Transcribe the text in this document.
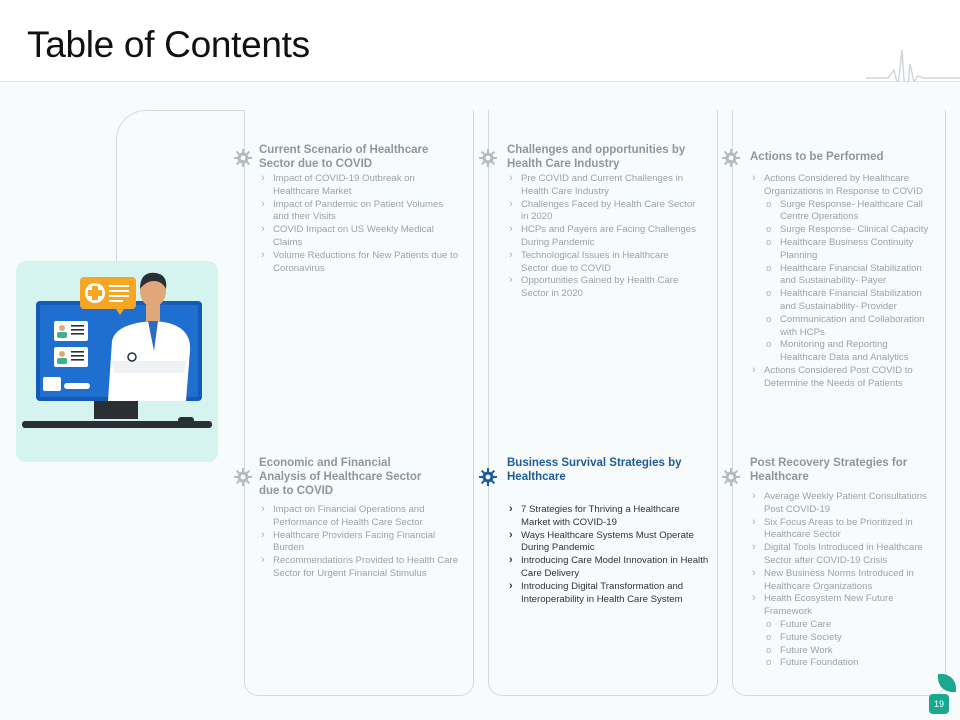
Table of Contents
Current Scenario of Healthcare Sector due to COVID
› Impact of COVID-19 Outbreak on Healthcare Market
› Impact of Pandemic on Patient Volumes and their Visits
› COVID Impact on US Weekly Medical Claims
› Volume Reductions for New Patients due to Coronavirus
Challenges and opportunities by Health Care Industry
› Pre COVID and Current Challenges in Health Care Industry
› Challenges Faced by Health Care Sector in 2020
› HCPs and Payers are Facing Challenges During Pandemic
› Technological Issues in Healthcare Sector due to COVID
› Opportunities Gained by Health Care Sector in 2020
Actions to be Performed
› Actions Considered by Healthcare Organizations in Response to COVID
o Surge Response- Healthcare Call Centre Operations
o Surge Response- Clinical Capacity
o Healthcare Business Continuity Planning
o Healthcare Financial Stabilization and Sustainability- Payer
o Healthcare Financial Stabilization and Sustainability- Provider
o Communication and Collaboration with HCPs
o Monitoring and Reporting Healthcare Data and Analytics
› Actions Considered Post COVID to Determine the Needs of Patients
Economic and Financial Analysis of Healthcare Sector due to COVID
› Impact on Financial Operations and Performance of Health Care Sector
› Healthcare Providers Facing Financial Burden
› Recommendations Provided to Health Care Sector for Urgent Financial Stimulus
Business Survival Strategies by Healthcare
› 7 Strategies for Thriving a Healthcare Market with COVID-19
› Ways Healthcare Systems Must Operate During Pandemic
› Introducing Care Model Innovation in Health Care Delivery
› Introducing Digital Transformation and Interoperability in Health Care System
Post Recovery Strategies for Healthcare
› Average Weekly Patient Consultations Post COVID-19
› Six Focus Areas to be Prioritized in Healthcare Sector
› Digital Tools Introduced in Healthcare Sector after COVID-19 Crisis
› New Business Norms Introduced in Healthcare Organizations
› Health Ecosystem New Future Framework
o Future Care
o Future Society
o Future Work
o Future Foundation
19
